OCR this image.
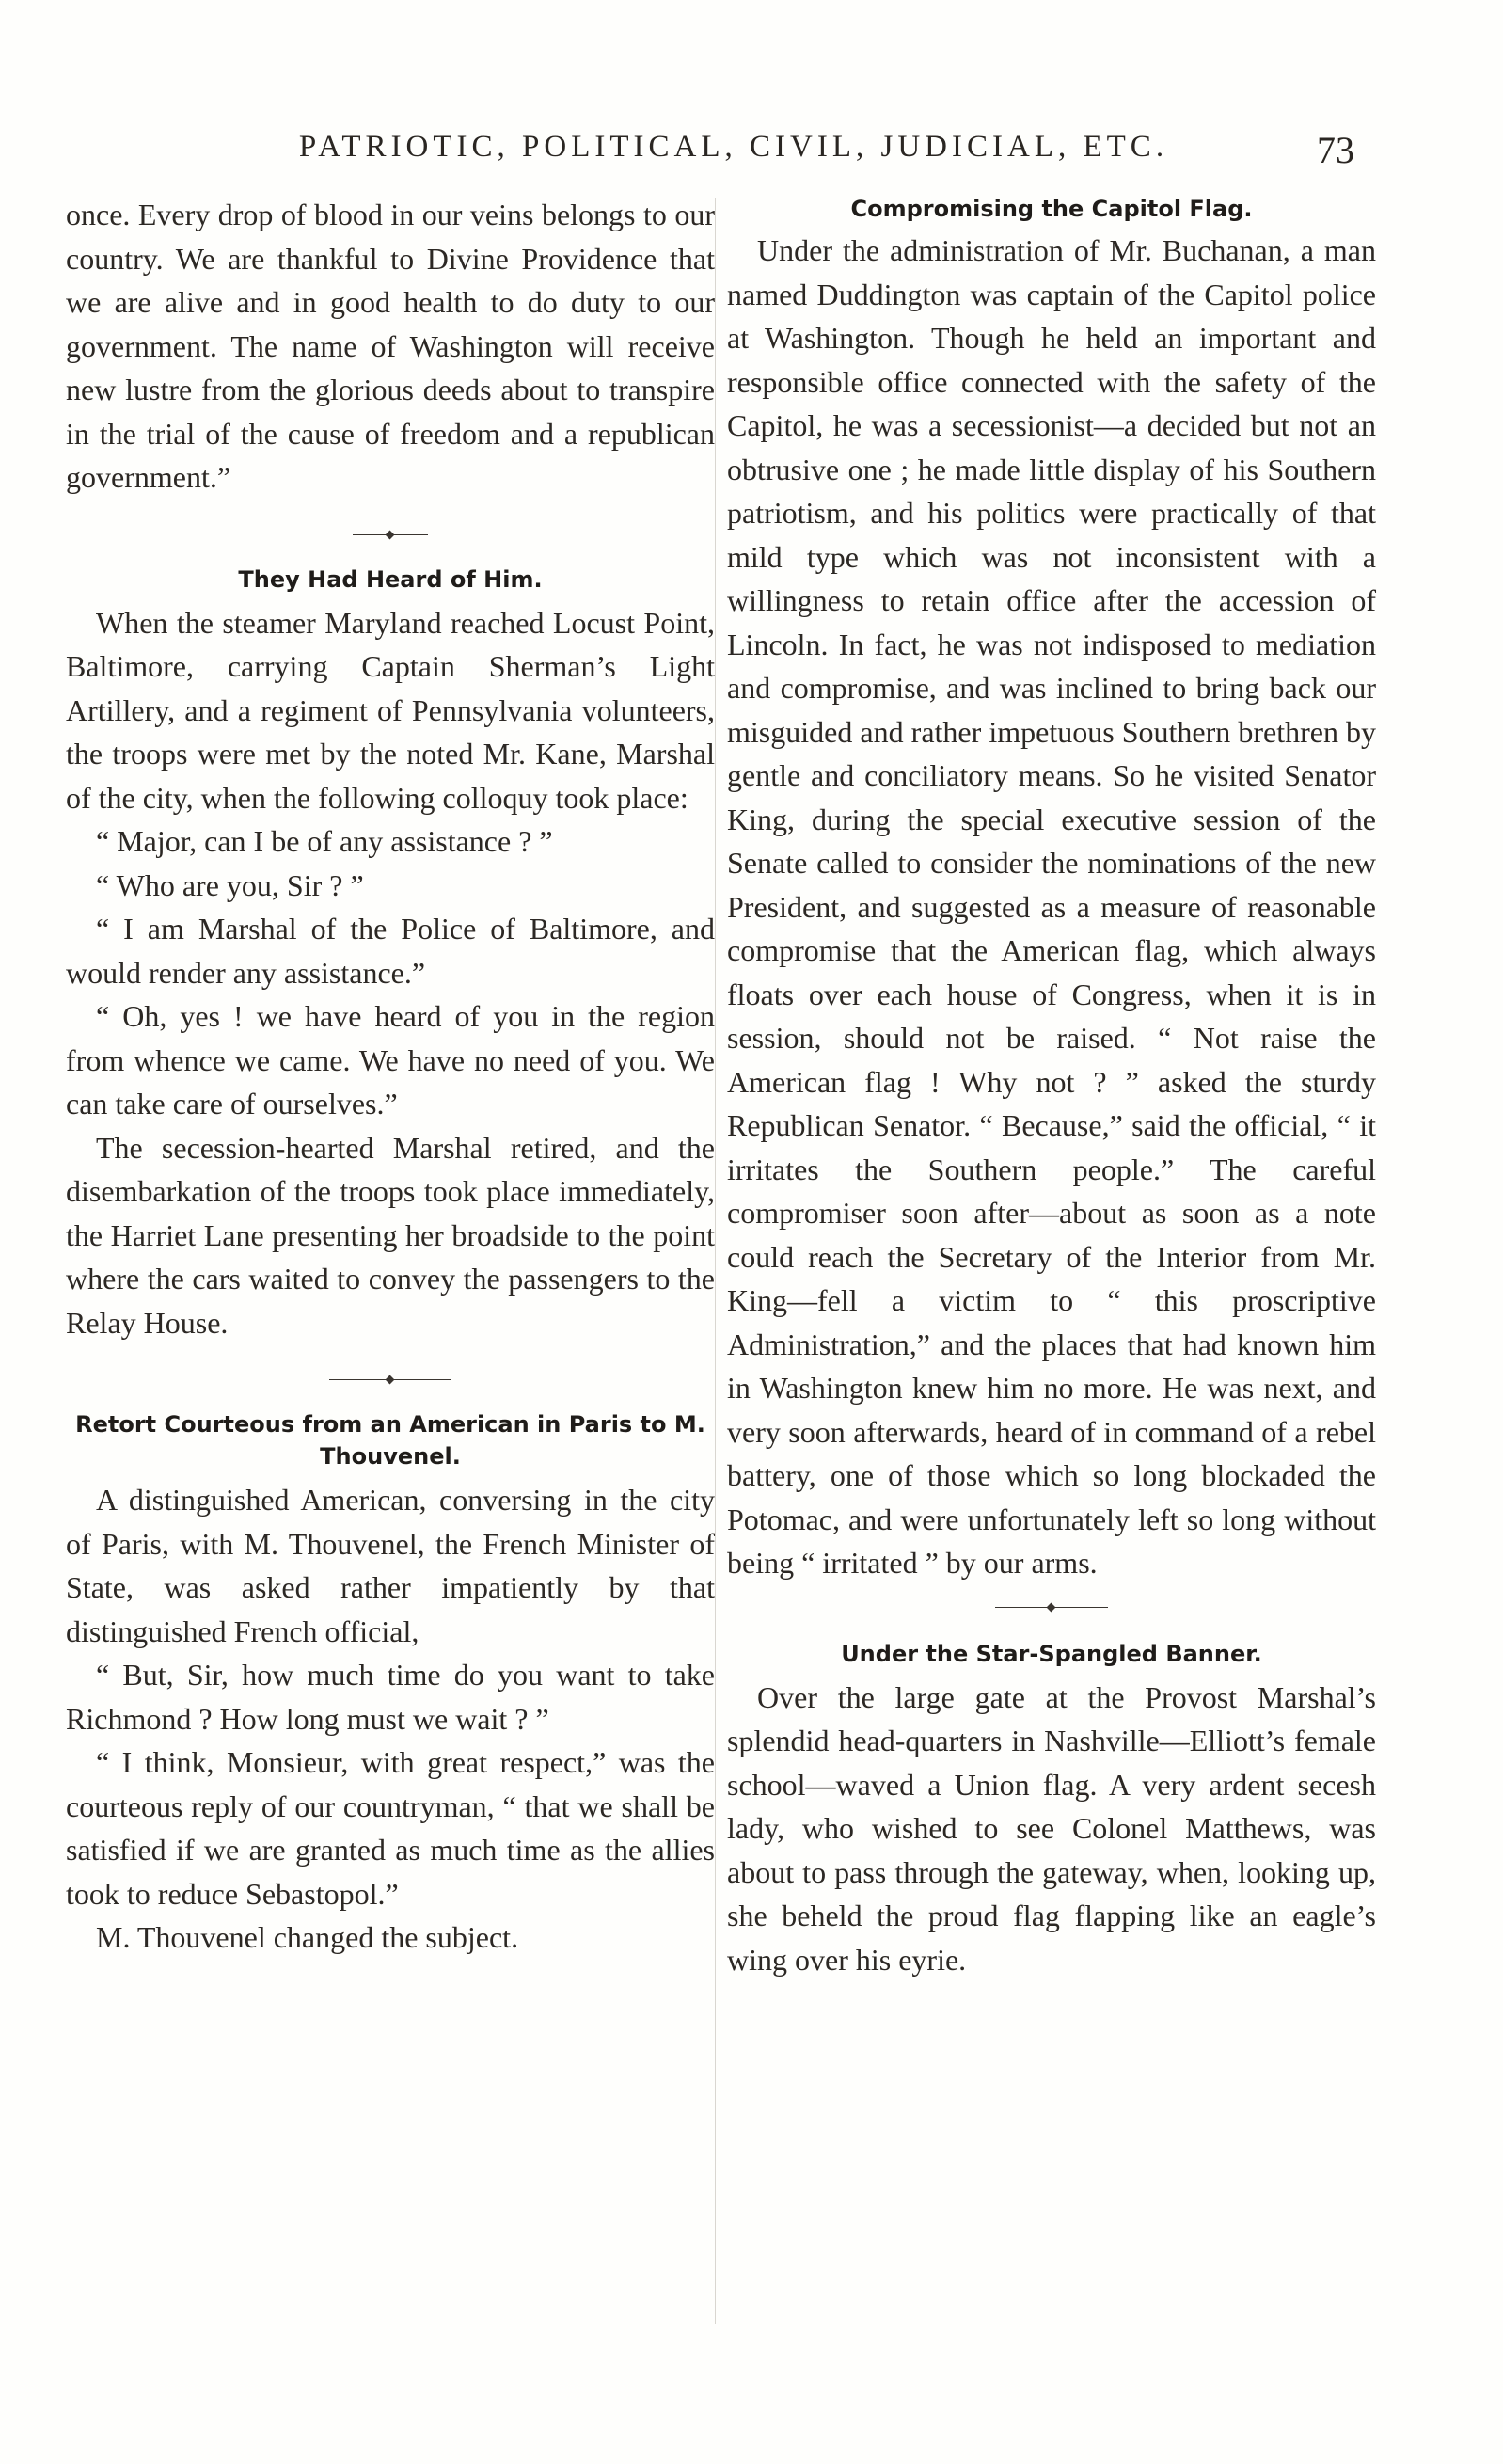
PATRIOTIC, POLITICAL, CIVIL, JUDICIAL, ETC.	73

once. Every drop of blood in our veins belongs to our country. We are thankful to Divine Providence that we are alive and in good health to do duty to our government. The name of Washington will receive new lustre from the glorious deeds about to transpire in the trial of the cause of freedom and a republican government.”

They Had Heard of Him.

When the steamer Maryland reached Locust Point, Baltimore, carrying Captain Sherman’s Light Artillery, and a regiment of Pennsylvania volunteers, the troops were met by the noted Mr. Kane, Marshal of the city, when the following colloquy took place:

“ Major, can I be of any assistance ? ”

“ Who are you, Sir ? ”

“ I am Marshal of the Police of Baltimore, and would render any assistance.”

“ Oh, yes ! we have heard of you in the region from whence we came. We have no need of you. We can take care of ourselves.”

The secession-hearted Marshal retired, and the disembarkation of the troops took place immediately, the Harriet Lane presenting her broadside to the point where the cars waited to convey the passengers to the Relay House.

Retort Courteous from an American in Paris to M. Thouvenel.

A distinguished American, conversing in the city of Paris, with M. Thouvenel, the French Minister of State, was asked rather impatiently by that distinguished French official,

“ But, Sir, how much time do you want to take Richmond ? How long must we wait ? ”

“ I think, Monsieur, with great respect,” was the courteous reply of our countryman, “ that we shall be satisfied if we are granted as much time as the allies took to reduce Sebastopol.”

M. Thouvenel changed the subject.

Compromising the Capitol Flag.

Under the administration of Mr. Buchanan, a man named Duddington was captain of the Capitol police at Washington. Though he held an important and responsible office connected with the safety of the Capitol, he was a secessionist—a decided but not an obtrusive one ; he made little display of his Southern patriotism, and his politics were practically of that mild type which was not inconsistent with a willingness to retain office after the accession of Lincoln. In fact, he was not indisposed to mediation and compromise, and was inclined to bring back our misguided and rather impetuous Southern brethren by gentle and conciliatory means. So he visited Senator King, during the special executive session of the Senate called to consider the nominations of the new President, and suggested as a measure of reasonable compromise that the American flag, which always floats over each house of Congress, when it is in session, should not be raised. “ Not raise the American flag ! Why not ? ” asked the sturdy Republican Senator. “ Because,” said the official, “ it irritates the Southern people.” The careful compromiser soon after—about as soon as a note could reach the Secretary of the Interior from Mr. King—fell a victim to “ this proscriptive Administration,” and the places that had known him in Washington knew him no more. He was next, and very soon afterwards, heard of in command of a rebel battery, one of those which so long blockaded the Potomac, and were unfortunately left so long without being “ irritated ” by our arms.

Under the Star-Spangled Banner.

Over the large gate at the Provost Marshal’s splendid head-quarters in Nashville—Elliott’s female school—waved a Union flag. A very ardent secesh lady, who wished to see Colonel Matthews, was about to pass through the gateway, when, looking up, she beheld the proud flag flapping like an eagle’s wing over his eyrie.
